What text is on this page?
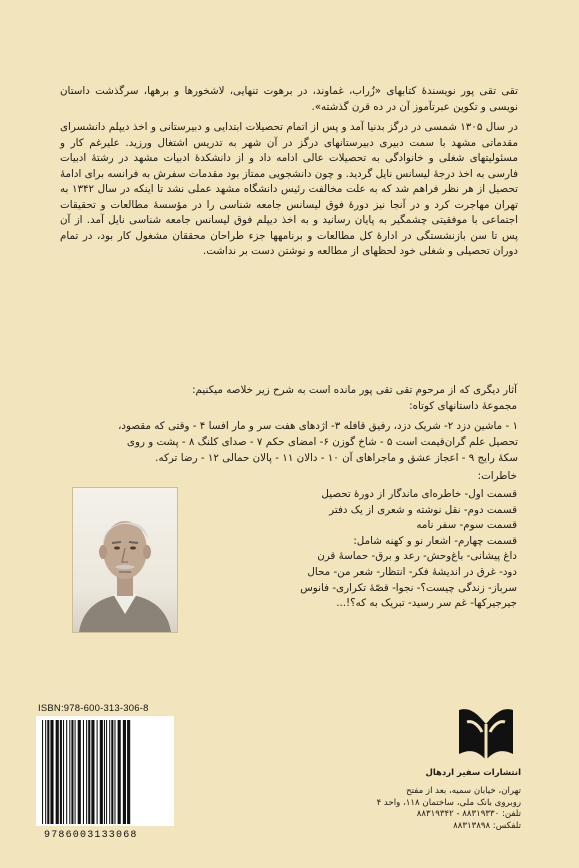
تقی تقی پور نویسندهٔ کتابهای «زُراب، غماوند، در برهوت تنهایی، لاشخورها و برهها، سرگذشت داستان نویسی و تکوین عبرتآموز آن در ده قرن گذشته».

در سال ۱۳۰۵ شمسی در درگز بدنیا آمد و پس از اتمام تحصیلات ابتدایی و دبیرستانی و اخذ دیپلم دانشسرای مقدماتی مشهد با سمت دبیری دبیرستانهای درگز در آن شهر به تدریس اشتغال ورزید. علیرغم کار و مسئولیتهای شغلی و خانوادگی به تحصیلات عالی ادامه داد و از دانشکدهٔ ادبیات مشهد در رشتهٔ ادبیات فارسی به اخذ درجهٔ لیسانس نایل گردید. و چون دانشجویی ممتاز بود مقدمات سفرش به فرانسه برای ادامهٔ تحصیل از هر نظر فراهم شد که به علت مخالفت رئیس دانشگاه مشهد عملی نشد تا اینکه در سال ۱۳۴۲ به تهران مهاجرت کرد و در آنجا نیز دورهٔ فوق لیسانس جامعه شناسی را در مؤسسهٔ مطالعات و تحقیقات اجتماعی با موفقیتی چشمگیر به پایان رسانید و به اخذ دیپلم فوق لیسانس جامعه شناسی نایل آمد. از آن پس تا سن بازنشستگی در ادارهٔ کل مطالعات و برنامهها جزء طراحان محققان مشغول کار بود، در تمام دوران تحصیلی و شغلی خود لحظهای از مطالعه و نوشتن دست بر نداشت.

آثار دیگری که از مرحوم تقی تقی پور مانده است به شرح زیر خلاصه میکنیم:
مجموعهٔ داستانهای کوتاه:
۱ - ماشین دزد ۲- شریک دزد، رفیق قافله ۳- اژدهای هفت سر و مار افسا ۴ - وقتی که مقصود،
تحصیل علم گران‌قیمت است ۵ - شاخ گوزن ۶- امضای حکم ۷ - صدای کلنگ ۸ - پشت و روی
سکهٔ رایج ۹ - اعجاز عشق و ماجراهای آن ۱۰ - دالان ۱۱ - پالان حمالی ۱۲ - رضا ترکه.
خاطرات:
قسمت اول- خاطره‌ای ماندگار از دورهٔ تحصیل
قسمت دوم- نقل نوشته و شعری از یک دفتر
قسمت سوم- سفر نامه
قسمت چهارم- اشعار نو و کهنه شامل:
داغ پیشانی- باغ‌وحش- رعد و برق- حماسهٔ قرن
دود- غرق در اندیشهٔ فکر- انتظار- شعر من- محال
سرباز- زندگی چیست؟- نجوا- قصّهٔ تکراری- فانوس
جیرجیرکها- غم سر رسید- تبریک به که؟!...
ISBN:978-600-313-306-8
9786003133068
انتشارات سفیر اردهال
تهران، خیابان سمیه، بعد از مفتح
روبروی بانک ملی، ساختمان ۱۱۸، واحد ۴
تلفن: ۸۸۳۱۹۳۳۰ - ۸۸۳۱۹۳۴۲
تلفکس: ۸۸۳۱۳۸۹۸
